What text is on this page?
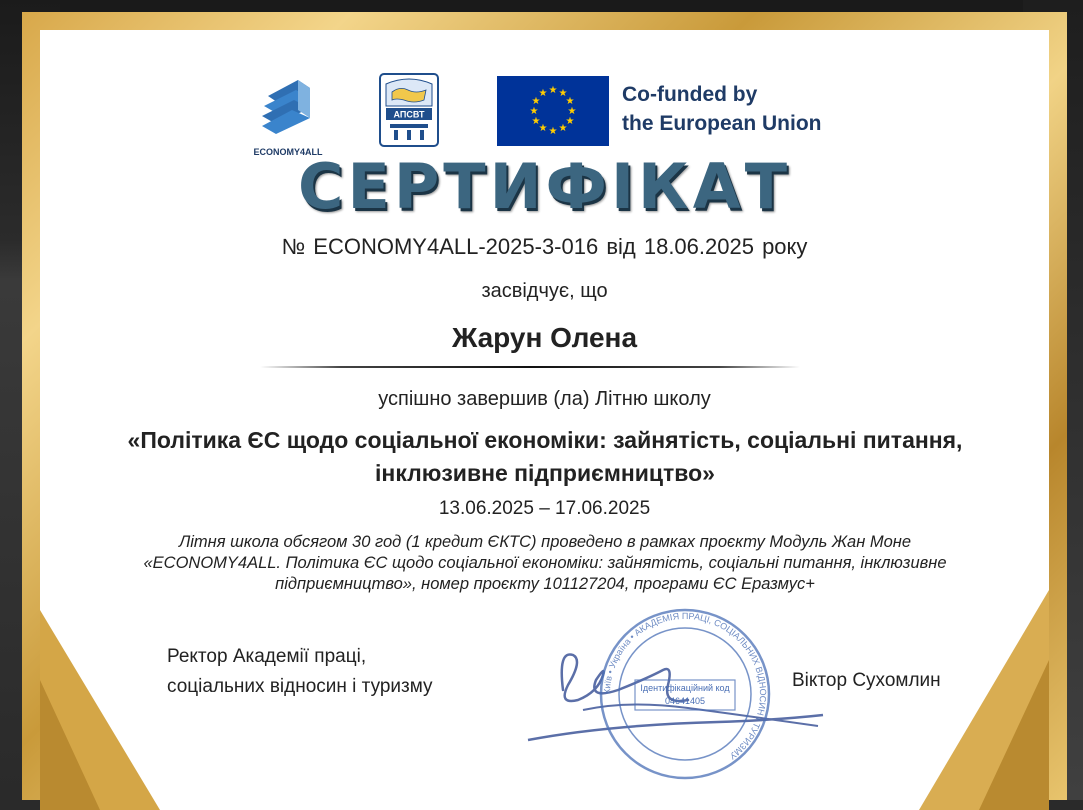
ECONOMY4ALL
АПСВТ
★ ★
★
★
★
★
★
★
★
★
★
★	Co-funded by
the European Union
СЕРТИФІКАТ
№ ECONOMY4ALL-2025-3-016 від 18.06.2025 року
засвідчує, що
Жарун Олена
успішно завершив (ла) Літню школу
«Політика ЄС щодо соціальної економіки: зайнятість, соціальні питання, інклюзивне підприємництво»
13.06.2025 – 17.06.2025
Літня школа обсягом 30 год (1 кредит ЄКТС) проведено в рамках проєкту Модуль Жан Моне «ECONOMY4ALL. Політика ЄС щодо соціальної економіки: зайнятість, соціальні питання, інклюзивне підприємництво», номер проєкту 101127204, програми ЄС Еразмус+
Ректор Академії праці,
соціальних відносин і туризму	Київ • Україна • АКАДЕМІЯ ПРАЦІ, СОЦІАЛЬНИХ ВІДНОСИН І ТУРИЗМУ
Ідентифікаційний код 04641405
Віктор Сухомлин
